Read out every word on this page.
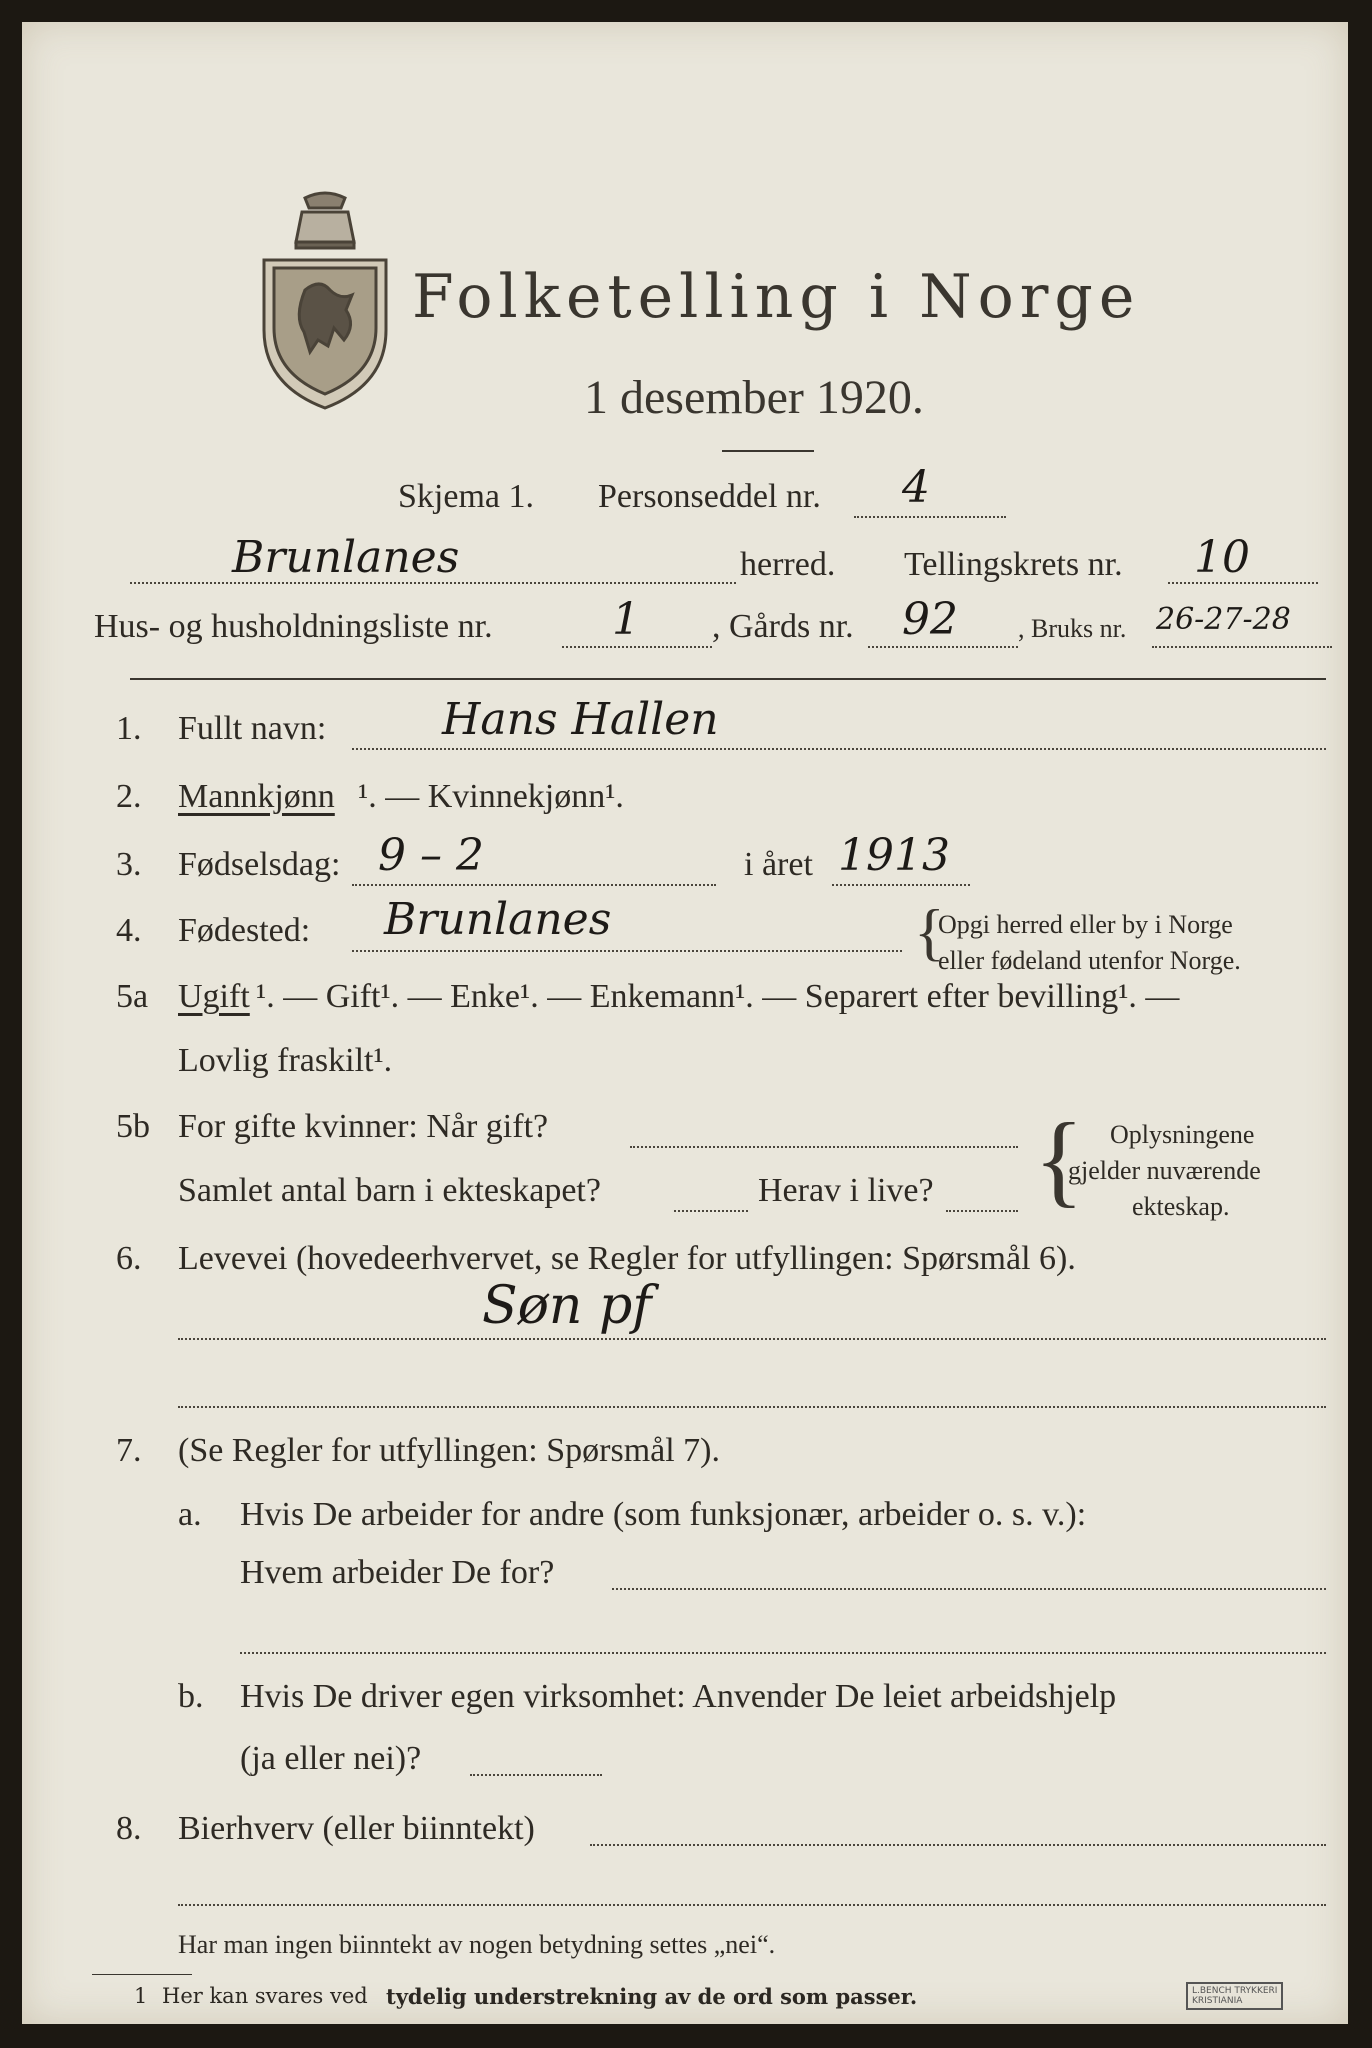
Folketelling i Norge
1 desember 1920.
Skjema 1. Personseddel nr. 4
Brunlanes	herred. Tellingskrets nr. 10
Hus- og husholdningsliste nr.	1 , Gårds nr. 92 , Bruks nr. 26-27-28
1. Fullt navn:	Hans Hallen
2. Mannkjønn ¹. — Kvinnekjønn¹.
3. Fødselsdag: 9 – 2	i året 1913
4. Fødested: Brunlanes	{
Opgi herred eller by i Norge
eller fødeland utenfor Norge.
5a Ugift ¹. — Gift¹. — Enke¹. — Enkemann¹. — Separert efter bevilling¹. —
Lovlig fraskilt¹.
5b For gifte kvinner: Når gift?
Samlet antal barn i ekteskapet?	Herav i live? { Oplysningene
gjelder nuværende
ekteskap.
6. Levevei (hovedeerhvervet, se Regler for utfyllingen: Spørsmål 6).
Søn pf
7. (Se Regler for utfyllingen: Spørsmål 7).
a. Hvis De arbeider for andre (som funksjonær, arbeider o. s. v.):
Hvem arbeider De for?
b. Hvis De driver egen virksomhet: Anvender De leiet arbeidshjelp
(ja eller nei)?
8. Bierhverv (eller biinntekt)
Har man ingen biinntekt av nogen betydning settes „nei“.
1 Her kan svares ved tydelig understrekning av de ord som passer.	L.BENCH TRYKKERI
KRISTIANIA
